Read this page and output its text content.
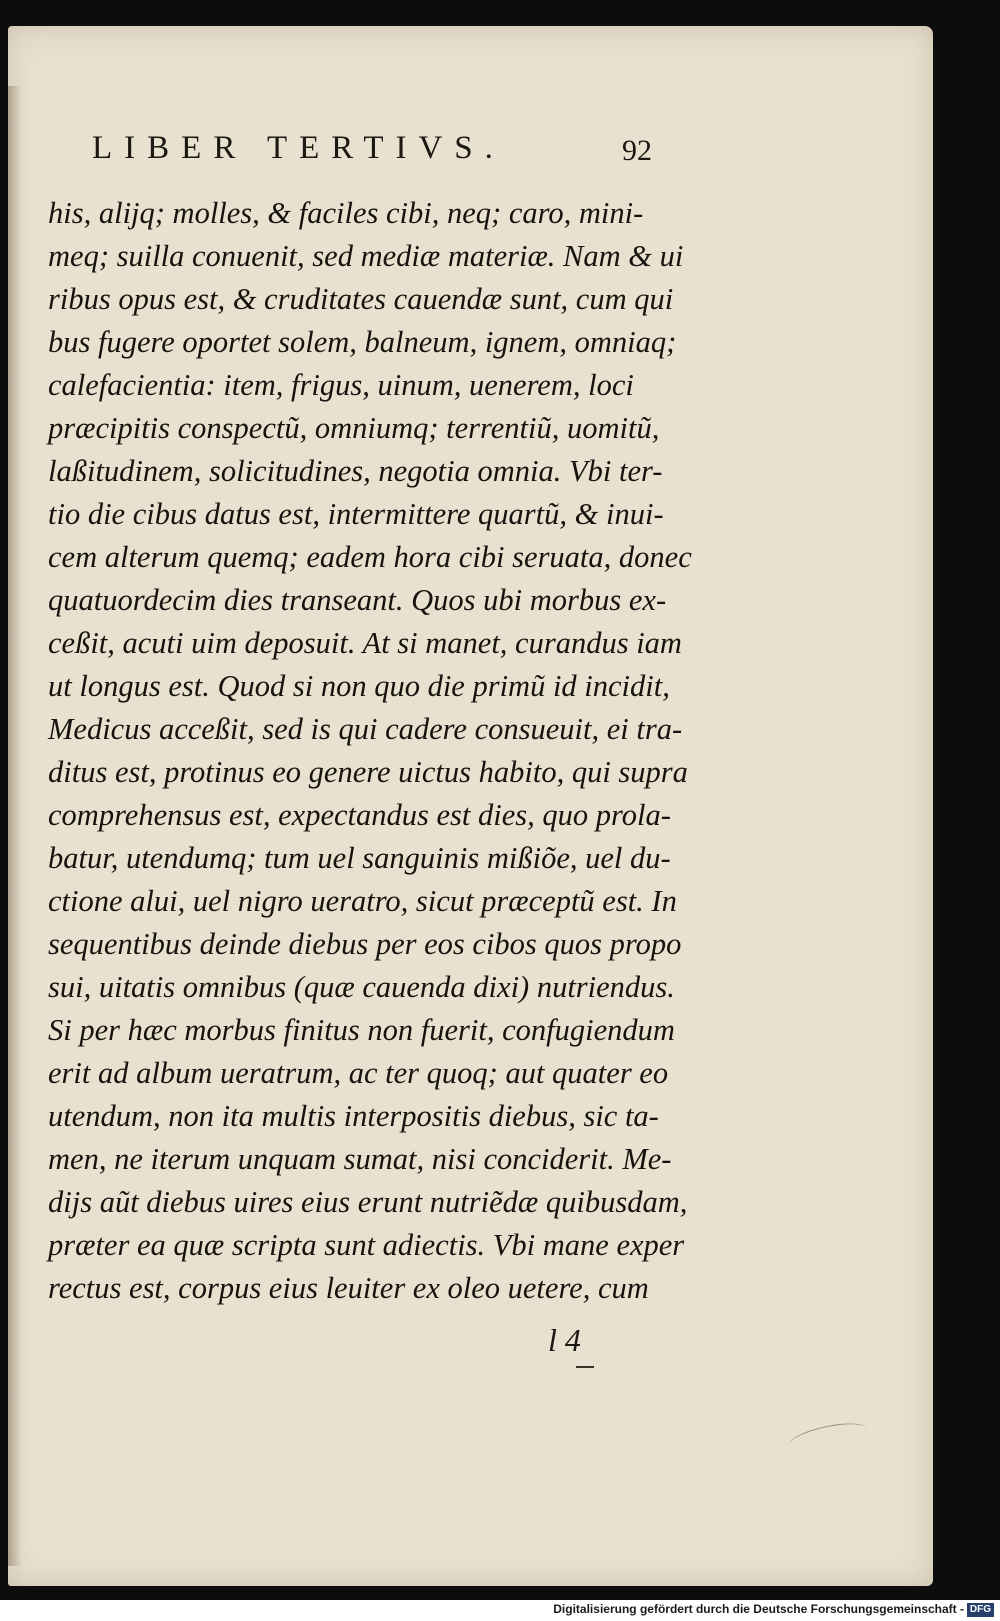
LIBER TERTIVS.	92
his, alijq; molles, & faciles cibi, neq; caro, mini-
meq; suilla conuenit, sed mediæ materiæ. Nam & ui
ribus opus est, & cruditates cauendæ sunt, cum qui
bus fugere oportet solem, balneum, ignem, omniaq;
calefacientia: item, frigus, uinum, uenerem, loci
præcipitis conspectũ, omniumq; terrentiũ, uomitũ,
laßitudinem, solicitudines, negotia omnia. Vbi ter-
tio die cibus datus est, intermittere quartũ, & inui-
cem alterum quemq; eadem hora cibi seruata, donec
quatuordecim dies transeant. Quos ubi morbus ex-
ceßit, acuti uim deposuit. At si manet, curandus iam
ut longus est. Quod si non quo die primũ id incidit,
Medicus acceßit, sed is qui cadere consueuit, ei tra-
ditus est, protinus eo genere uictus habito, qui supra
comprehensus est, expectandus est dies, quo prola-
batur, utendumq; tum uel sanguinis mißiõe, uel du-
ctione alui, uel nigro ueratro, sicut præceptũ est. In
sequentibus deinde diebus per eos cibos quos propo
sui, uitatis omnibus (quæ cauenda dixi) nutriendus.
Si per hæc morbus finitus non fuerit, confugiendum
erit ad album ueratrum, ac ter quoq; aut quater eo
utendum, non ita multis interpositis diebus, sic ta-
men, ne iterum unquam sumat, nisi conciderit. Me-
dijs aũt diebus uires eius erunt nutriẽdæ quibusdam,
præter ea quæ scripta sunt adiectis. Vbi mane exper
rectus est, corpus eius leuiter ex oleo uetere, cum
l 4
Digitalisierung gefördert durch die Deutsche Forschungsgemeinschaft - DFG
